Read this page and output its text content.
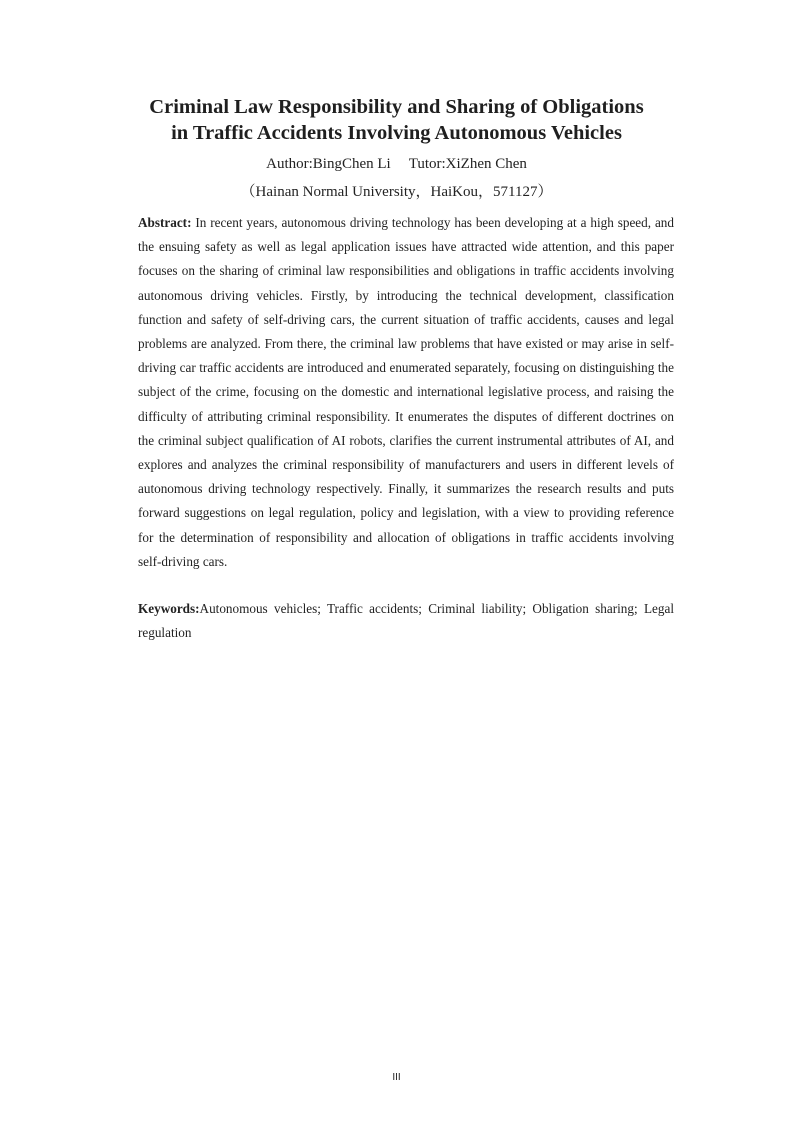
Criminal Law Responsibility and Sharing of Obligations
in Traffic Accidents Involving Autonomous Vehicles
Author:BingChen Li Tutor:XiZhen Chen
（Hainan Normal University，HaiKou，571127）

Abstract: In recent years, autonomous driving technology has been developing at a high speed, and the ensuing safety as well as legal application issues have attracted wide attention, and this paper focuses on the sharing of criminal law responsibilities and obligations in traffic accidents involving autonomous driving vehicles. Firstly, by introducing the technical development, classification function and safety of self-driving cars, the current situation of traffic accidents, causes and legal problems are analyzed. From there, the criminal law problems that have existed or may arise in self-driving car traffic accidents are introduced and enumerated separately, focusing on distinguishing the subject of the crime, focusing on the domestic and international legislative process, and raising the difficulty of attributing criminal responsibility. It enumerates the disputes of different doctrines on the criminal subject qualification of AI robots, clarifies the current instrumental attributes of AI, and explores and analyzes the criminal responsibility of manufacturers and users in different levels of autonomous driving technology respectively. Finally, it summarizes the research results and puts forward suggestions on legal regulation, policy and legislation, with a view to providing reference for the determination of responsibility and allocation of obligations in traffic accidents involving self-driving cars.

Keywords:Autonomous vehicles; Traffic accidents; Criminal liability; Obligation sharing; Legal regulation

III
